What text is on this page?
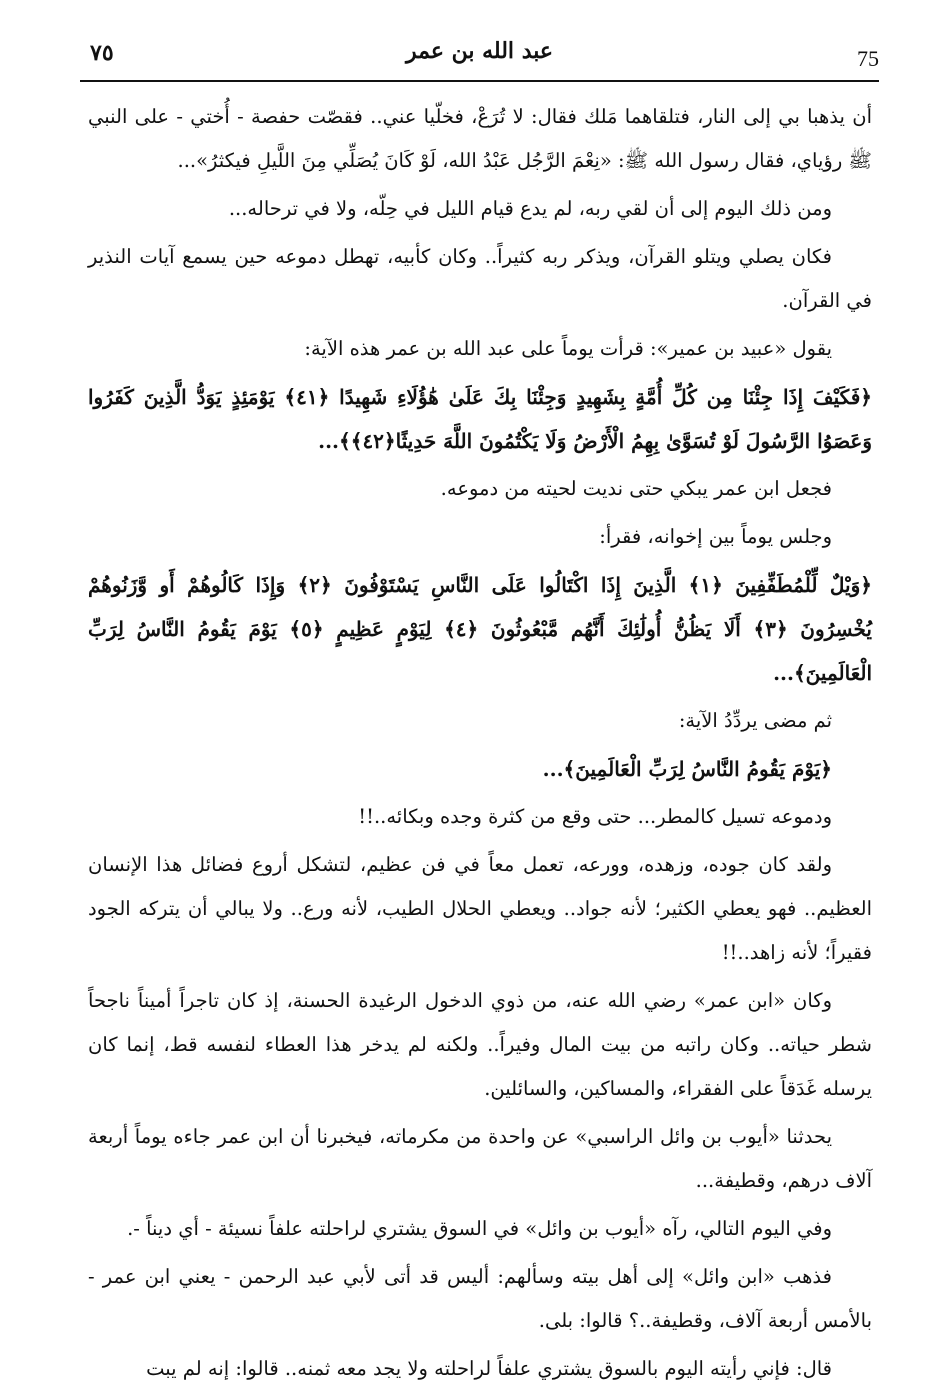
٧٥	عبد الله بن عمر	75

أن يذهبا بي إلى النار، فتلقاهما مَلك فقال: لا تُرَعْ، فخلّيا عني.. فقصّت حفصة - أُختي - على النبي ﷺ رؤياي، فقال رسول الله ﷺ: «نِعْمَ الرَّجُل عَبْدُ الله، لَوْ كَانَ يُصَلِّي مِنَ اللَّيلِ فيكثرُ»...

ومن ذلك اليوم إلى أن لقي ربه، لم يدع قيام الليل في حِلّه، ولا في ترحاله...

فكان يصلي ويتلو القرآن، ويذكر ربه كثيراً.. وكان كأبيه، تهطل دموعه حين يسمع آيات النذير في القرآن.

يقول «عبيد بن عمير»: قرأت يوماً على عبد الله بن عمر هذه الآية:

﴿فَكَيْفَ إِذَا جِئْنَا مِن كُلِّ أُمَّةٍ بِشَهِيدٍ وَجِئْنَا بِكَ عَلَىٰ هَٰؤُلَاءِ شَهِيدًا ﴿٤١﴾ يَوْمَئِذٍ يَوَدُّ الَّذِينَ كَفَرُوا وَعَصَوُا الرَّسُولَ لَوْ تُسَوَّىٰ بِهِمُ الْأَرْضُ وَلَا يَكْتُمُونَ اللَّهَ حَدِيثًا﴿٤٢﴾﴾...

فجعل ابن عمر يبكي حتى نديت لحيته من دموعه.

وجلس يوماً بين إخوانه، فقرأ:

﴿وَيْلٌ لِّلْمُطَفِّفِينَ ﴿١﴾ الَّذِينَ إِذَا اكْتَالُوا عَلَى النَّاسِ يَسْتَوْفُونَ ﴿٢﴾ وَإِذَا كَالُوهُمْ أَو وَّزَنُوهُمْ يُخْسِرُونَ ﴿٣﴾ أَلَا يَظُنُّ أُولَٰئِكَ أَنَّهُم مَّبْعُوثُونَ ﴿٤﴾ لِيَوْمٍ عَظِيمٍ ﴿٥﴾ يَوْمَ يَقُومُ النَّاسُ لِرَبِّ الْعَالَمِينَ﴾...

ثم مضى يردِّدُ الآية:

﴿يَوْمَ يَقُومُ النَّاسُ لِرَبِّ الْعَالَمِينَ﴾...

ودموعه تسيل كالمطر... حتى وقع من كثرة وجده وبكائه..!!

ولقد كان جوده، وزهده، وورعه، تعمل معاً في فن عظيم، لتشكل أروع فضائل هذا الإنسان العظيم.. فهو يعطي الكثير؛ لأنه جواد.. ويعطي الحلال الطيب، لأنه ورع.. ولا يبالي أن يتركه الجود فقيراً؛ لأنه زاهد..!!

وكان «ابن عمر» رضي الله عنه، من ذوي الدخول الرغيدة الحسنة، إذ كان تاجراً أميناً ناجحاً شطر حياته.. وكان راتبه من بيت المال وفيراً.. ولكنه لم يدخر هذا العطاء لنفسه قط، إنما كان يرسله غَدَقاً على الفقراء، والمساكين، والسائلين.

يحدثنا «أيوب بن وائل الراسبي» عن واحدة من مكرماته، فيخبرنا أن ابن عمر جاءه يوماً أربعة آلاف درهم، وقطيفة...

وفي اليوم التالي، رآه «أيوب بن وائل» في السوق يشتري لراحلته علفاً نسيئة - أي ديناً -.

فذهب «ابن وائل» إلى أهل بيته وسألهم: أليس قد أتى لأبي عبد الرحمن - يعني ابن عمر - بالأمس أربعة آلاف، وقطيفة..؟ قالوا: بلى.

قال: فإني رأيته اليوم بالسوق يشتري علفاً لراحلته ولا يجد معه ثمنه.. قالوا: إنه لم يبت
